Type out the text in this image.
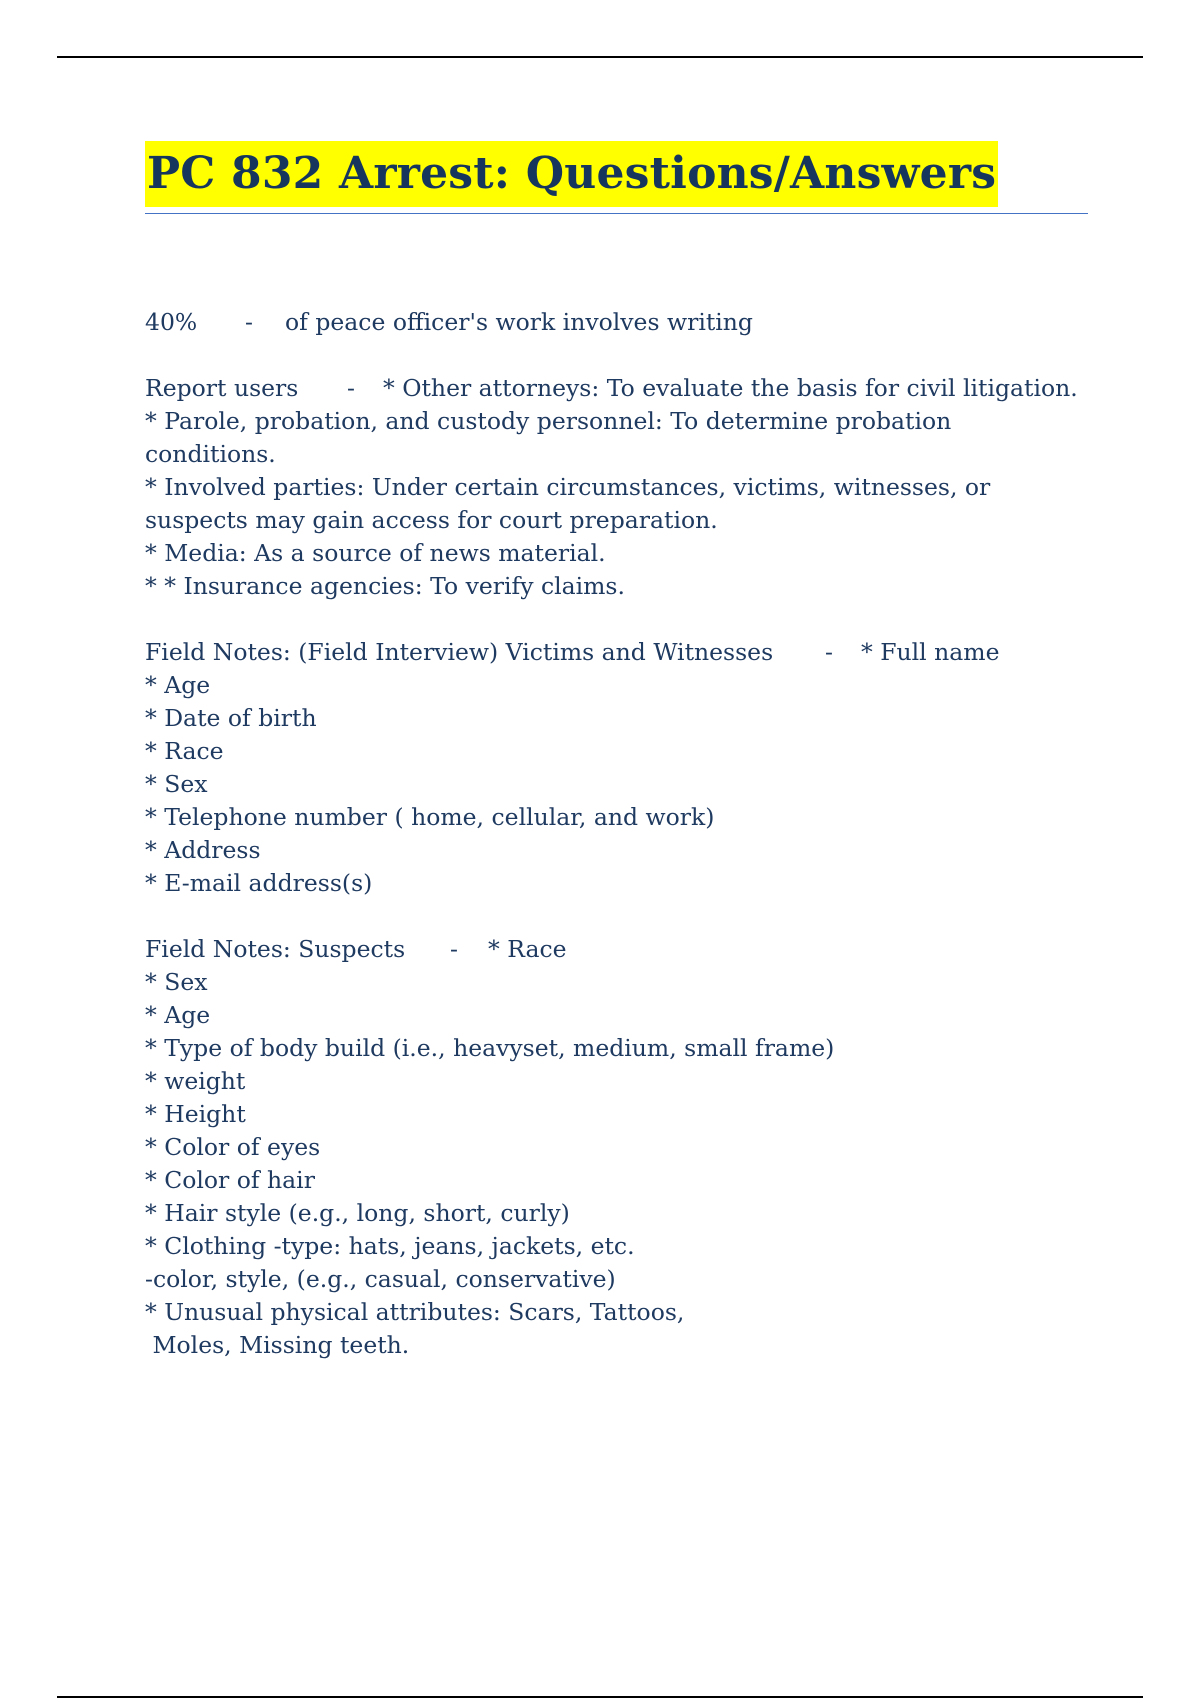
PC 832 Arrest: Questions/Answers
40% - of peace officer's work involves writing
Report users - * Other attorneys: To evaluate the basis for civil litigation.
* Parole, probation, and custody personnel: To determine probation
conditions.
* Involved parties: Under certain circumstances, victims, witnesses, or
suspects may gain access for court preparation.
* Media: As a source of news material.
* * Insurance agencies: To verify claims.
Field Notes: (Field Interview) Victims and Witnesses - * Full name
* Age
* Date of birth
* Race
* Sex
* Telephone number ( home, cellular, and work)
* Address
* E-mail address(s)
Field Notes: Suspects - * Race
* Sex
* Age
* Type of body build (i.e., heavyset, medium, small frame)
* weight
* Height
* Color of eyes
* Color of hair
* Hair style (e.g., long, short, curly)
* Clothing -type: hats, jeans, jackets, etc.
-color, style, (e.g., casual, conservative)
* Unusual physical attributes: Scars, Tattoos,
Moles, Missing teeth.
